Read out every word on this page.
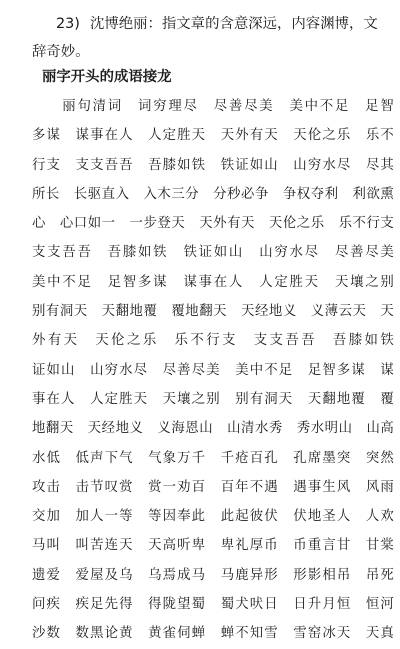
23) 沈博绝丽：指文章的含意深远，内容渊博，文
辞奇妙。

丽字开头的成语接龙
　　丽句清词　词穷理尽　尽善尽美　美中不足　足智
多谋　谋事在人　人定胜天　天外有天　天伦之乐　乐不
行支　支支吾吾　吾膝如铁　铁证如山　山穷水尽　尽其
所长　长驱直入　入木三分　分秒必争　争权夺利　利欲熏
心　心口如一　一步登天　天外有天　天伦之乐　乐不行支
支支吾吾　吾膝如铁　铁证如山　山穷水尽　尽善尽美
美中不足　足智多谋　谋事在人　人定胜天　天壤之别
别有洞天　天翻地覆　覆地翻天　天经地义　义薄云天　天
外有天　天伦之乐　乐不行支　支支吾吾　吾膝如铁
证如山　山穷水尽　尽善尽美　美中不足　足智多谋　谋
事在人　人定胜天　天壤之别　别有洞天　天翻地覆　覆
地翻天　天经地义　义海恩山　山清水秀　秀水明山　山高
水低　低声下气　气象万千　千疮百孔　孔席墨突　突然
攻击　击节叹赏　赏一劝百　百年不遇　遇事生风　风雨
交加　加人一等　等因奉此　此起彼伏　伏地圣人　人欢
马叫　叫苦连天　天高听卑　卑礼厚币　币重言甘　甘棠
遗爱　爱屋及乌　乌焉成马　马鹿异形　形影相吊　吊死
问疾　疾足先得　得陇望蜀　蜀犬吠日　日升月恒　恒河
沙数　数黑论黄　黄雀伺蝉　蝉不知雪　雪窑冰天　天真
